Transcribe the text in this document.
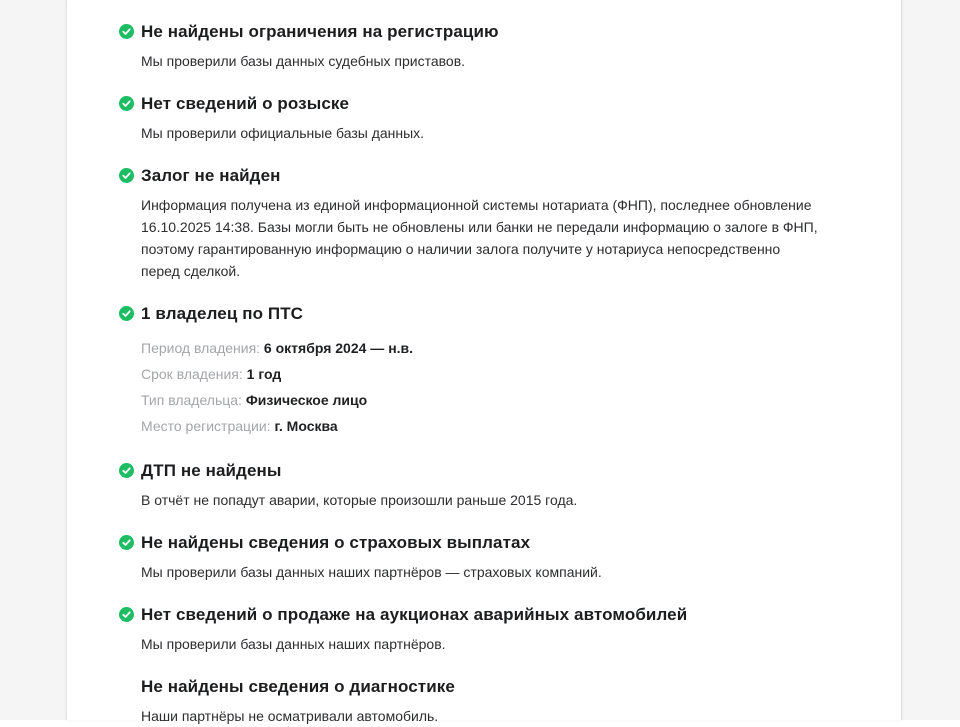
Не найдены ограничения на регистрацию

Мы проверили базы данных судебных приставов.

Нет сведений о розыске

Мы проверили официальные базы данных.

Залог не найден

Информация получена из единой информационной системы нотариата (ФНП), последнее обновление 16.10.2025 14:38. Базы могли быть не обновлены или банки не передали информацию о залоге в ФНП, поэтому гарантированную информацию о наличии залога получите у нотариуса непосредственно перед сделкой.

1 владелец по ПТС
Период владения: 6 октября 2024 — н.в.
Срок владения: 1 год
Тип владельца: Физическое лицо
Место регистрации: г. Москва
ДТП не найдены

В отчёт не попадут аварии, которые произошли раньше 2015 года.

Не найдены сведения о страховых выплатах

Мы проверили базы данных наших партнёров — страховых компаний.

Нет сведений о продаже на аукционах аварийных автомобилей

Мы проверили базы данных наших партнёров.

Не найдены сведения о диагностике

Наши партнёры не осматривали автомобиль.
